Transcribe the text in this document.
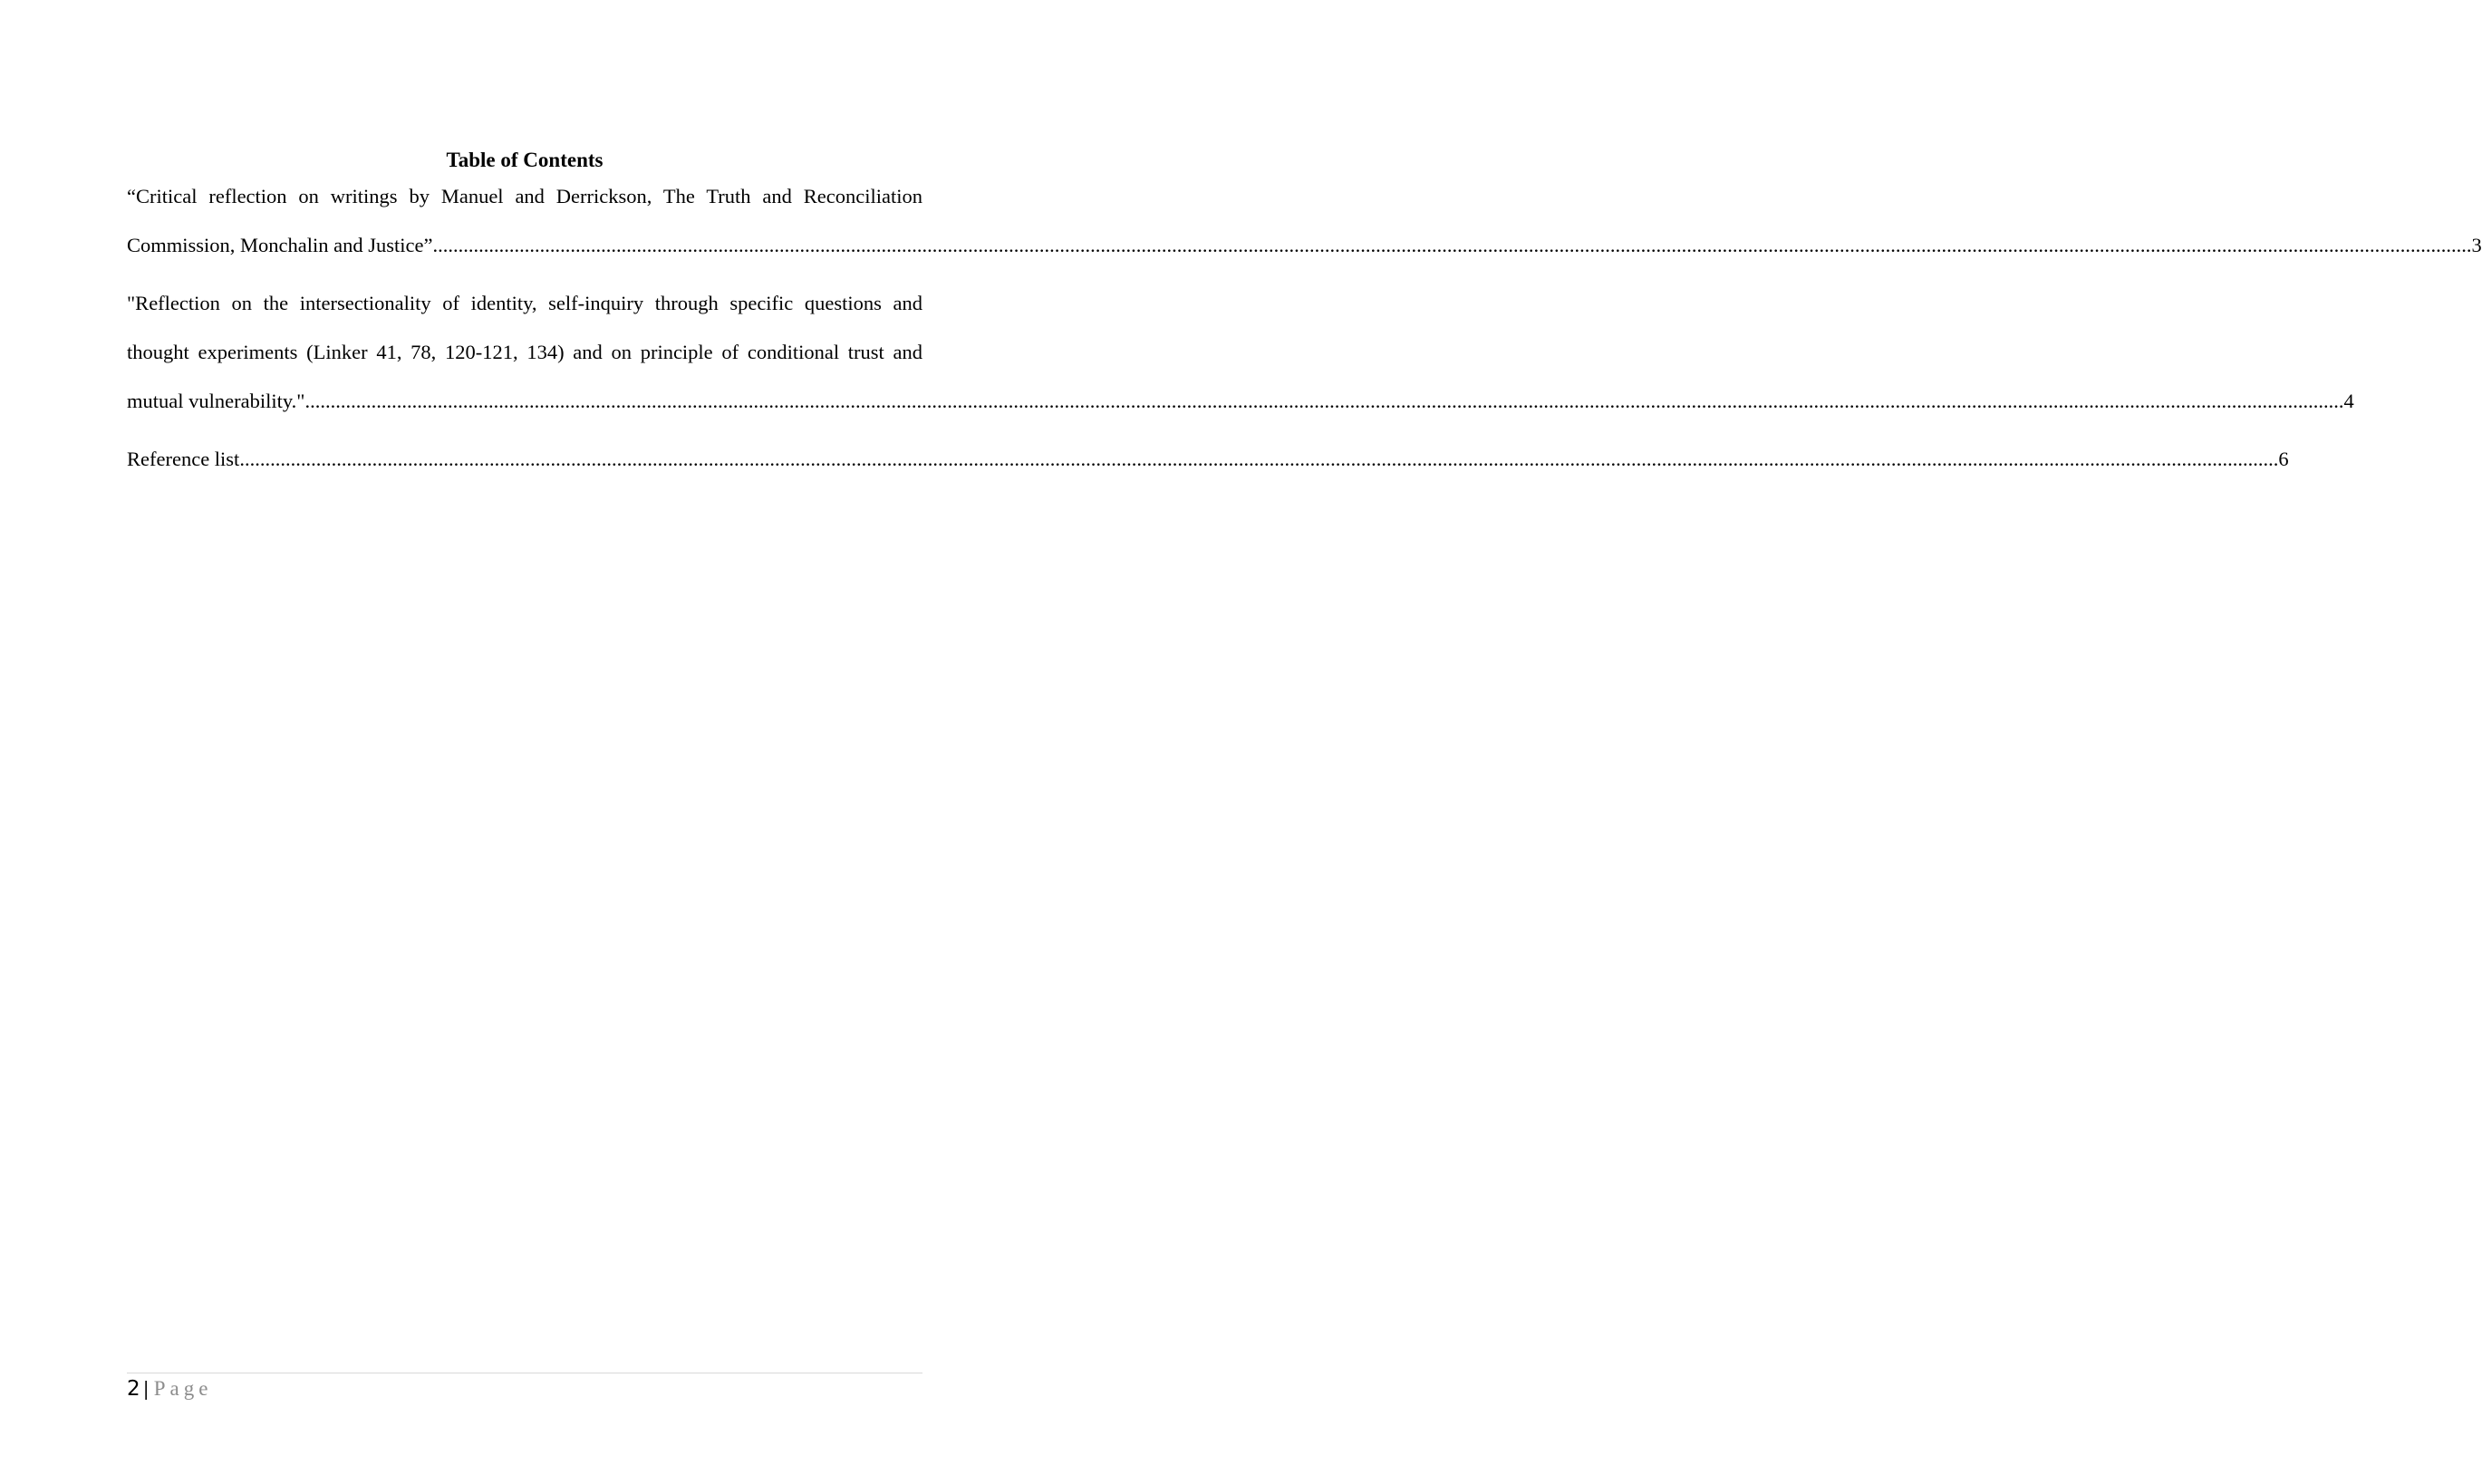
Table of Contents
“Critical reflection on writings by Manuel and Derrickson, The Truth and Reconciliation
Commission, Monchalin and Justice” ................................................................................................................................................................................................................................................................................................................................................................................................................ 3
"Reflection on the intersectionality of identity, self-inquiry through specific questions and
thought experiments (Linker 41, 78, 120-121, 134) and on principle of conditional trust and
mutual vulnerability." ................................................................................................................................................................................................................................................................................................................................................................................................................ 4
Reference list ................................................................................................................................................................................................................................................................................................................................................................................................................ 6
2 | Page
